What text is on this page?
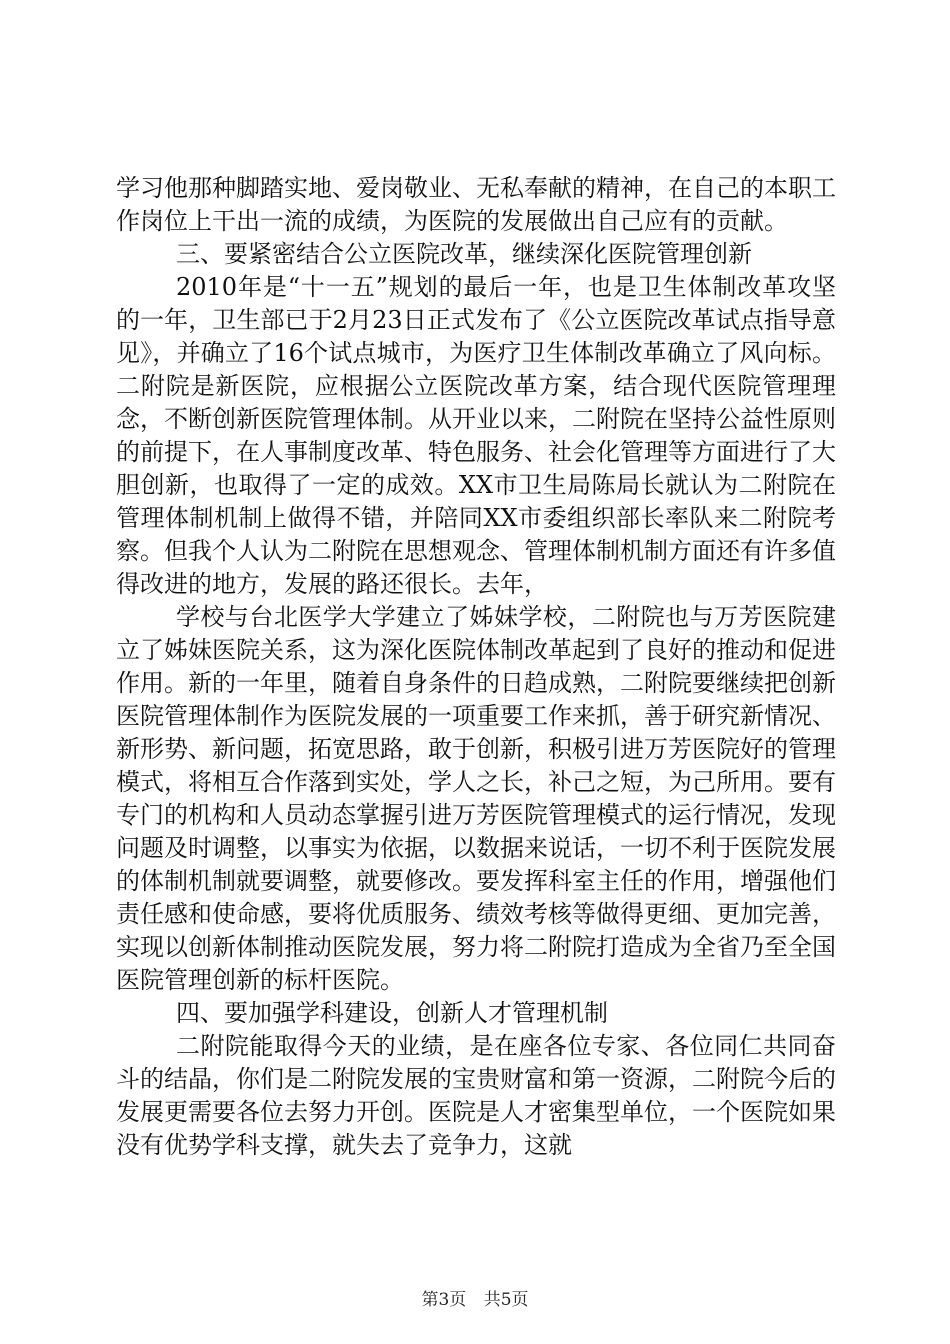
学习他那种脚踏实地、爱岗敬业、无私奉献的精神，在自己的本职工作岗位上干出一流的成绩，为医院的发展做出自己应有的贡献。

三、要紧密结合公立医院改革，继续深化医院管理创新

2010年是“十一五”规划的最后一年，也是卫生体制改革攻坚的一年，卫生部已于2月23日正式发布了《公立医院改革试点指导意见》，并确立了16个试点城市，为医疗卫生体制改革确立了风向标。二附院是新医院，应根据公立医院改革方案，结合现代医院管理理念，不断创新医院管理体制。从开业以来，二附院在坚持公益性原则的前提下，在人事制度改革、特色服务、社会化管理等方面进行了大胆创新，也取得了一定的成效。XX市卫生局陈局长就认为二附院在管理体制机制上做得不错，并陪同XX市委组织部长率队来二附院考察。但我个人认为二附院在思想观念、管理体制机制方面还有许多值得改进的地方，发展的路还很长。去年，

学校与台北医学大学建立了姊妹学校，二附院也与万芳医院建立了姊妹医院关系，这为深化医院体制改革起到了良好的推动和促进作用。新的一年里，随着自身条件的日趋成熟，二附院要继续把创新医院管理体制作为医院发展的一项重要工作来抓，善于研究新情况、新形势、新问题，拓宽思路，敢于创新，积极引进万芳医院好的管理模式，将相互合作落到实处，学人之长，补己之短，为己所用。要有专门的机构和人员动态掌握引进万芳医院管理模式的运行情况，发现问题及时调整，以事实为依据，以数据来说话，一切不利于医院发展的体制机制就要调整，就要修改。要发挥科室主任的作用，增强他们责任感和使命感，要将优质服务、绩效考核等做得更细、更加完善，实现以创新体制推动医院发展，努力将二附院打造成为全省乃至全国医院管理创新的标杆医院。

四、要加强学科建设，创新人才管理机制

二附院能取得今天的业绩，是在座各位专家、各位同仁共同奋斗的结晶，你们是二附院发展的宝贵财富和第一资源，二附院今后的发展更需要各位去努力开创。医院是人才密集型单位，一个医院如果没有优势学科支撑，就失去了竞争力，这就

第3页 共5页
